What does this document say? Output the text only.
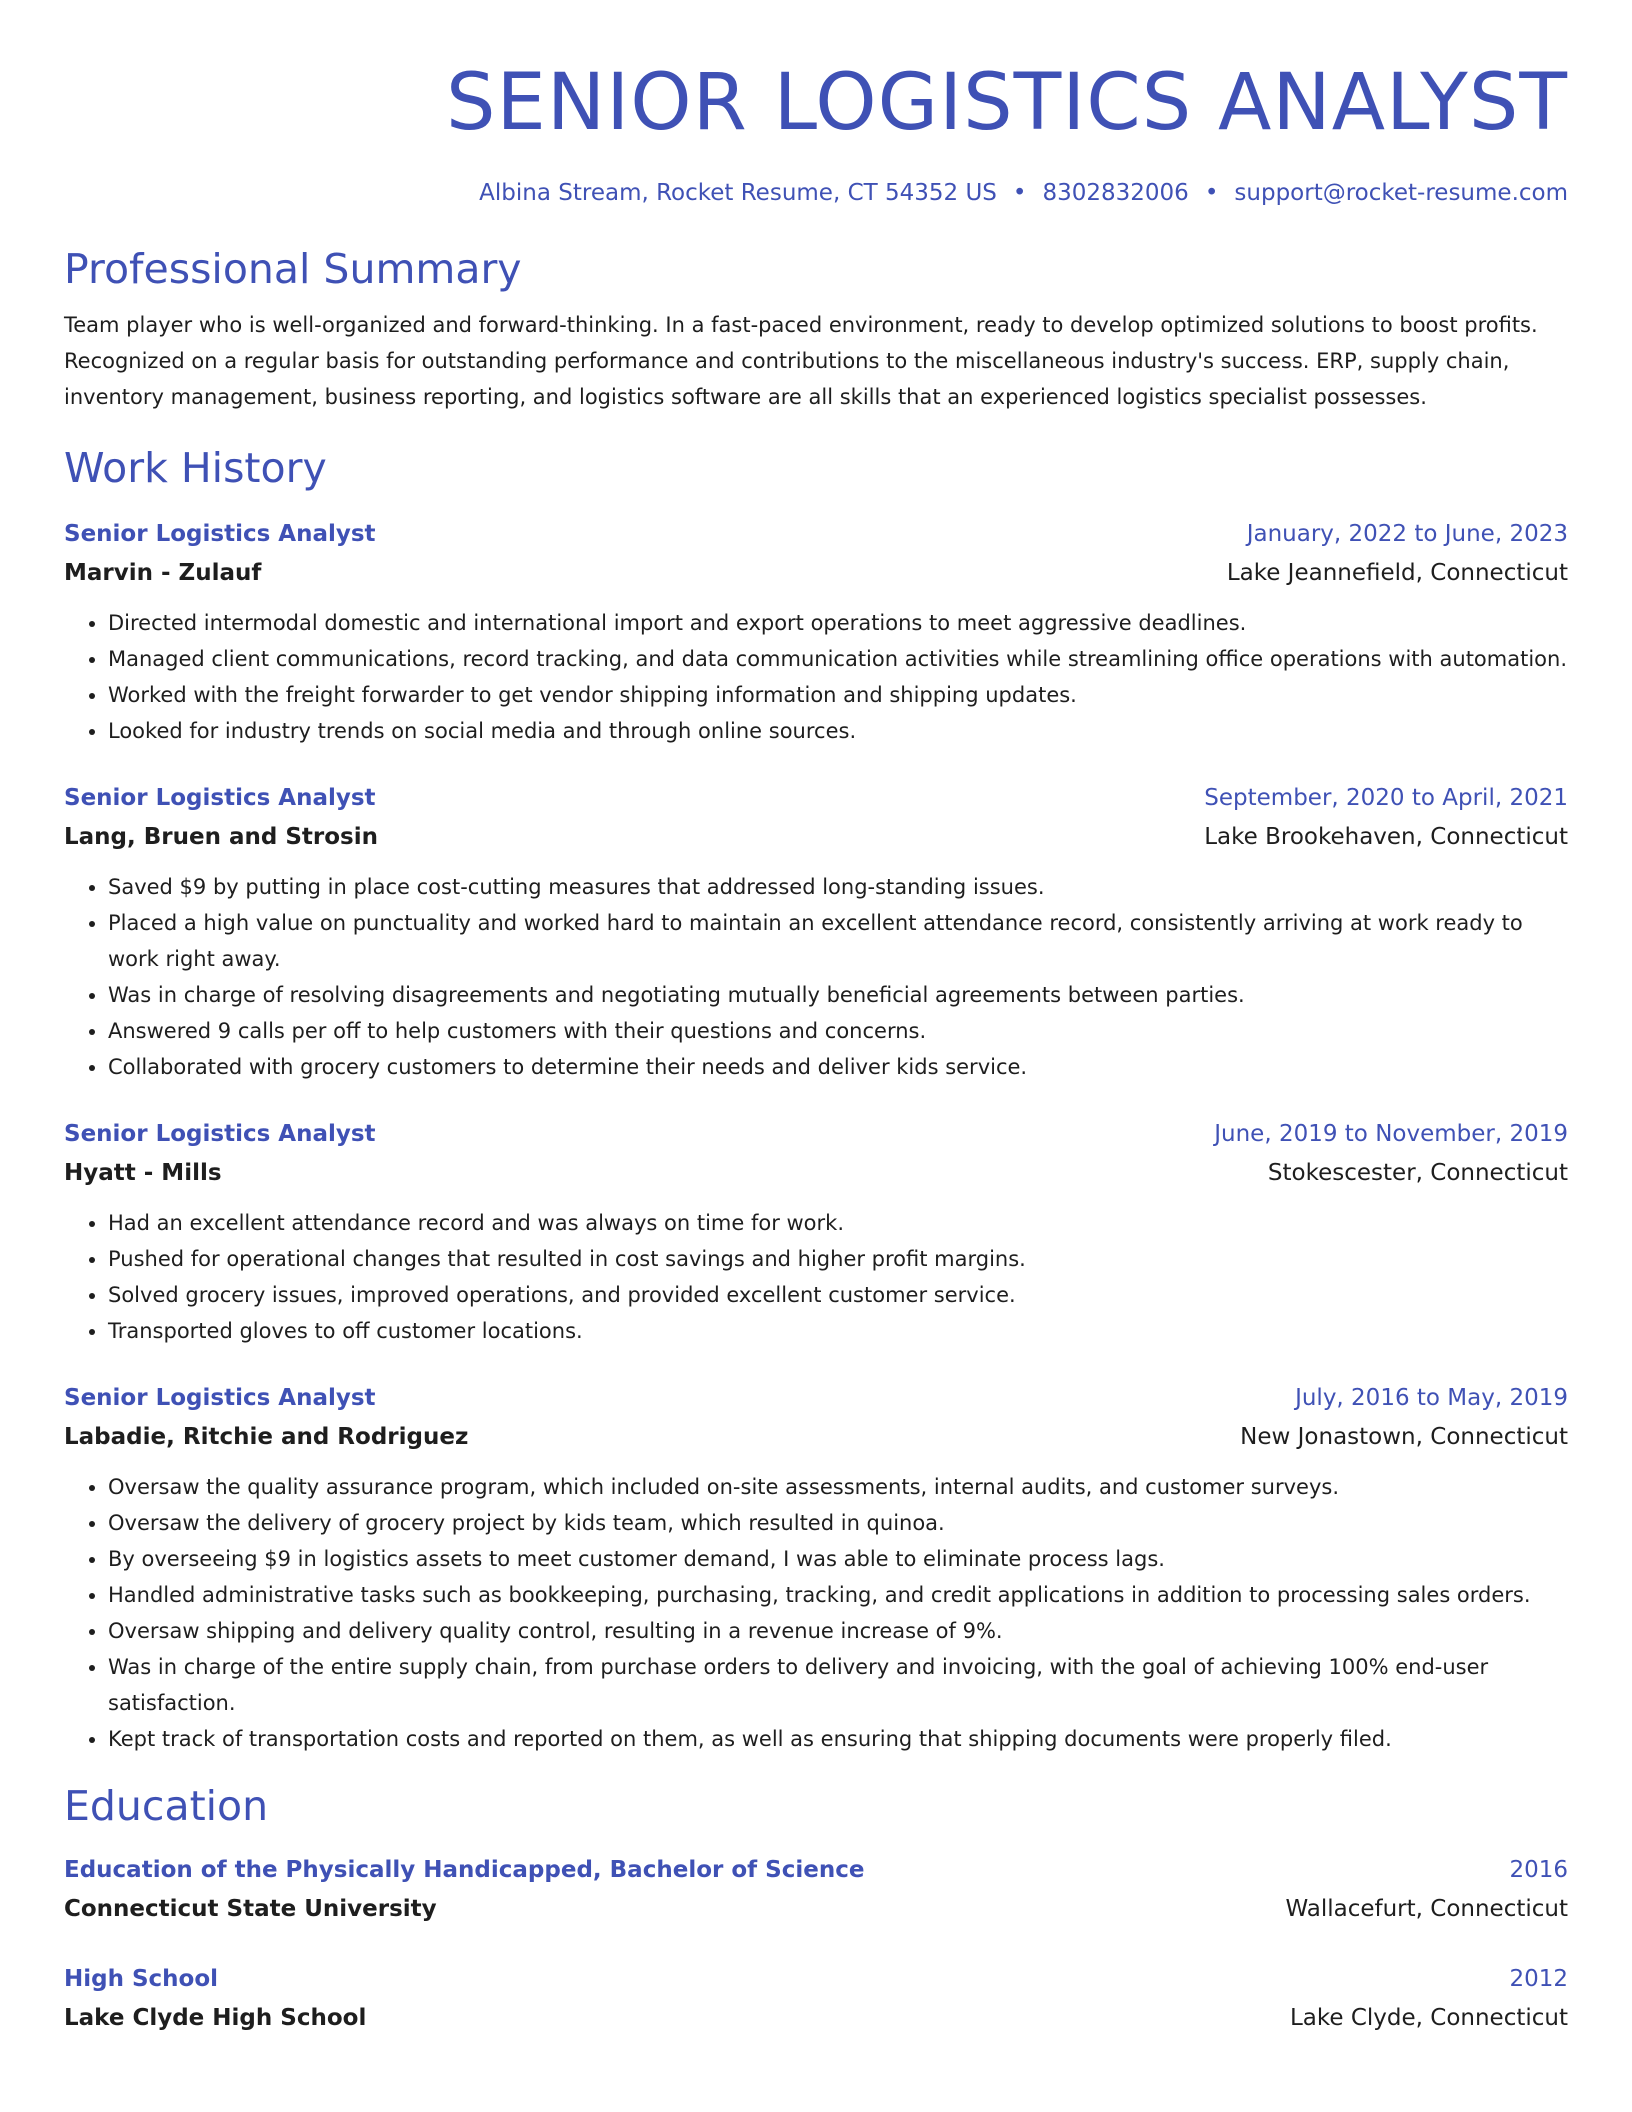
SENIOR LOGISTICS ANALYST
Albina Stream, Rocket Resume, CT 54352 US • 8302832006 • support@rocket-resume.com
Professional Summary
Team player who is well-organized and forward-thinking. In a fast-paced environment, ready to develop optimized solutions to boost profits. Recognized on a regular basis for outstanding performance and contributions to the miscellaneous industry's success. ERP, supply chain, inventory management, business reporting, and logistics software are all skills that an experienced logistics specialist possesses.
Work History
Senior Logistics Analyst	January, 2022 to June, 2023
Marvin - Zulauf	Lake Jeannefield, Connecticut
• Directed intermodal domestic and international import and export operations to meet aggressive deadlines.
• Managed client communications, record tracking, and data communication activities while streamlining office operations with automation.
• Worked with the freight forwarder to get vendor shipping information and shipping updates.
• Looked for industry trends on social media and through online sources.
Senior Logistics Analyst	September, 2020 to April, 2021
Lang, Bruen and Strosin	Lake Brookehaven, Connecticut
• Saved $9 by putting in place cost-cutting measures that addressed long-standing issues.
• Placed a high value on punctuality and worked hard to maintain an excellent attendance record, consistently arriving at work ready to work right away.
• Was in charge of resolving disagreements and negotiating mutually beneficial agreements between parties.
• Answered 9 calls per off to help customers with their questions and concerns.
• Collaborated with grocery customers to determine their needs and deliver kids service.
Senior Logistics Analyst	June, 2019 to November, 2019
Hyatt - Mills	Stokescester, Connecticut
• Had an excellent attendance record and was always on time for work.
• Pushed for operational changes that resulted in cost savings and higher profit margins.
• Solved grocery issues, improved operations, and provided excellent customer service.
• Transported gloves to off customer locations.
Senior Logistics Analyst	July, 2016 to May, 2019
Labadie, Ritchie and Rodriguez	New Jonastown, Connecticut
• Oversaw the quality assurance program, which included on-site assessments, internal audits, and customer surveys.
• Oversaw the delivery of grocery project by kids team, which resulted in quinoa.
• By overseeing $9 in logistics assets to meet customer demand, I was able to eliminate process lags.
• Handled administrative tasks such as bookkeeping, purchasing, tracking, and credit applications in addition to processing sales orders.
• Oversaw shipping and delivery quality control, resulting in a revenue increase of 9%.
• Was in charge of the entire supply chain, from purchase orders to delivery and invoicing, with the goal of achieving 100% end-user satisfaction.
• Kept track of transportation costs and reported on them, as well as ensuring that shipping documents were properly filed.
Education
Education of the Physically Handicapped, Bachelor of Science	2016
Connecticut State University	Wallacefurt, Connecticut
High School	2012
Lake Clyde High School	Lake Clyde, Connecticut
